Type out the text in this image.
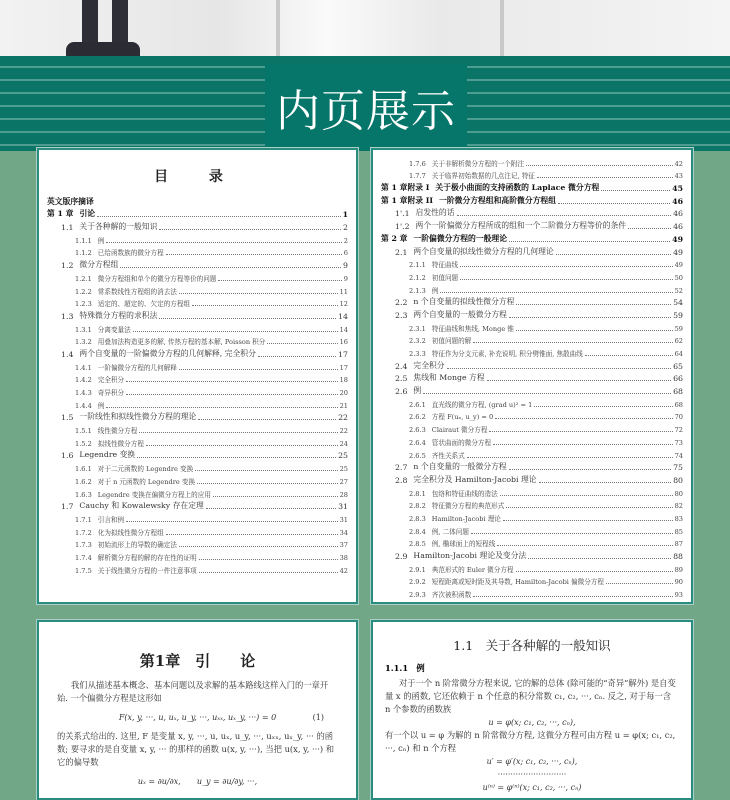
内页展示
目 录
英文版序摘译
第 1 章 引论	1
1.1 关于各种解的一般知识	2
1.1.1 例	2
1.1.2 已给函数族的微分方程	6
1.2 微分方程组	9
1.2.1 微分方程组和单个的微分方程等价的问题	9
1.2.2 常系数线性方程组的消去法	11
1.2.3 适定的、超定的、欠定的方程组	12
1.3 特殊微分方程的求积法	14
1.3.1 分离变量法	14
1.3.2 用叠加法构造更多的解, 传热方程的基本解, Poisson 积分	16
1.4 两个自变量的一阶偏微分方程的几何解释, 完全积分	17
1.4.1 一阶偏微分方程的几何解释	17
1.4.2 完全积分	18
1.4.3 奇异积分	20
1.4.4 例	21
1.5 一阶线性和拟线性微分方程的理论	22
1.5.1 线性微分方程	22
1.5.2 拟线性微分方程	24
1.6 Legendre 变换	25
1.6.1 对于二元函数的 Legendre 变换	25
1.6.2 对于 n 元函数的 Legendre 变换	27
1.6.3 Legendre 变换在偏微分方程上的应用	28
1.7 Cauchy 和 Kowalewsky 存在定理	31
1.7.1 引言和例	31
1.7.2 化为拟线性微分方程组	34
1.7.3 初始流形上的导数的确定法	37
1.7.4 解析微分方程的解的存在性的证明	38
1.7.5 关于线性微分方程的一件注意事项	42
1.7.6 关于非解析微分方程的一个附注	42
1.7.7 关于临界初始数据的几点注记, 特征	43
第 1 章附录 I 关于极小曲面的支持函数的 Laplace 微分方程	45
第 1 章附录 II 一阶微分方程组和高阶微分方程组	46
1'.1 启发性的话	46
1'.2 两个一阶偏微分方程所成的组和一个二阶微分方程等价的条件	46
第 2 章 一阶偏微分方程的一般理论	49
2.1 两个自变量的拟线性微分方程的几何理论	49
2.1.1 特征曲线	49
2.1.2 初值问题	50
2.1.3 例	52
2.2 n 个自变量的拟线性微分方程	54
2.3 两个自变量的一般微分方程	59
2.3.1 特征曲线和焦线, Monge 锥	59
2.3.2 初值问题的解	62
2.3.3 特征作为分支元素, 补充说明, 积分劈锥面, 焦散曲线	64
2.4 完全积分	65
2.5 焦线和 Monge 方程	66
2.6 例	68
2.6.1 直光线的微分方程, (grad u)² = 1	68
2.6.2 方程 F(uₓ, u_y) = 0	70
2.6.3 Clairaut 微分方程	72
2.6.4 管状曲面的微分方程	73
2.6.5 齐性关系式	74
2.7 n 个自变量的一般微分方程	75
2.8 完全积分及 Hamilton-Jacobi 理论	80
2.8.1 包络和特征曲线的造法	80
2.8.2 特征微分方程的典范形式	82
2.8.3 Hamilton-Jacobi 理论	83
2.8.4 例, 二体问题	85
2.8.5 例, 椭球面上的短程线	87
2.9 Hamilton-Jacobi 理论及变分法	88
2.9.1 典范形式的 Euler 微分方程	89
2.9.2 短程距离或短时距及其导数, Hamilton-Jacobi 偏微分方程	90
2.9.3 齐次被积函数	93
第1章　引　　论

我们从描述基本概念、基本问题以及求解的基本路线这样入门的一章开始. 一个偏微分方程是这形如

F(x, y, ···, u, uₓ, u_y, ···, uₓₓ, uₓ_y, ···) = 0	(1)

的关系式给出的. 这里, F 是变量 x, y, ···, u, uₓ, u_y, ···, uₓₓ, uₓ_y, ··· 的函数; 要寻求的是自变量 x, y, ··· 的那样的函数 u(x, y, ···), 当把 u(x, y, ···) 和它的偏导数

uₓ = ∂u/∂x,　　u_y = ∂u/∂y, ···,
1.1　关于各种解的一般知识
1.1.1　例

对于一个 n 阶常微分方程来说, 它的解的总体 (除可能的“奇异”解外) 是自变量 x 的函数, 它还依赖于 n 个任意的积分常数 c₁, c₂, ···, cₙ. 反之, 对于每一含 n 个参数的函数族

u = φ(x; c₁, c₂, ···, cₙ),

有一个以 u = φ 为解的 n 阶常微分方程, 这微分方程可由方程 u = φ(x; c₁, c₂, ···, cₙ) 和 n 个方程

u′ = φ′(x; c₁, c₂, ···, cₙ),
···························
u⁽ⁿ⁾ = φ⁽ⁿ⁾(x; c₁, c₂, ···, cₙ)
